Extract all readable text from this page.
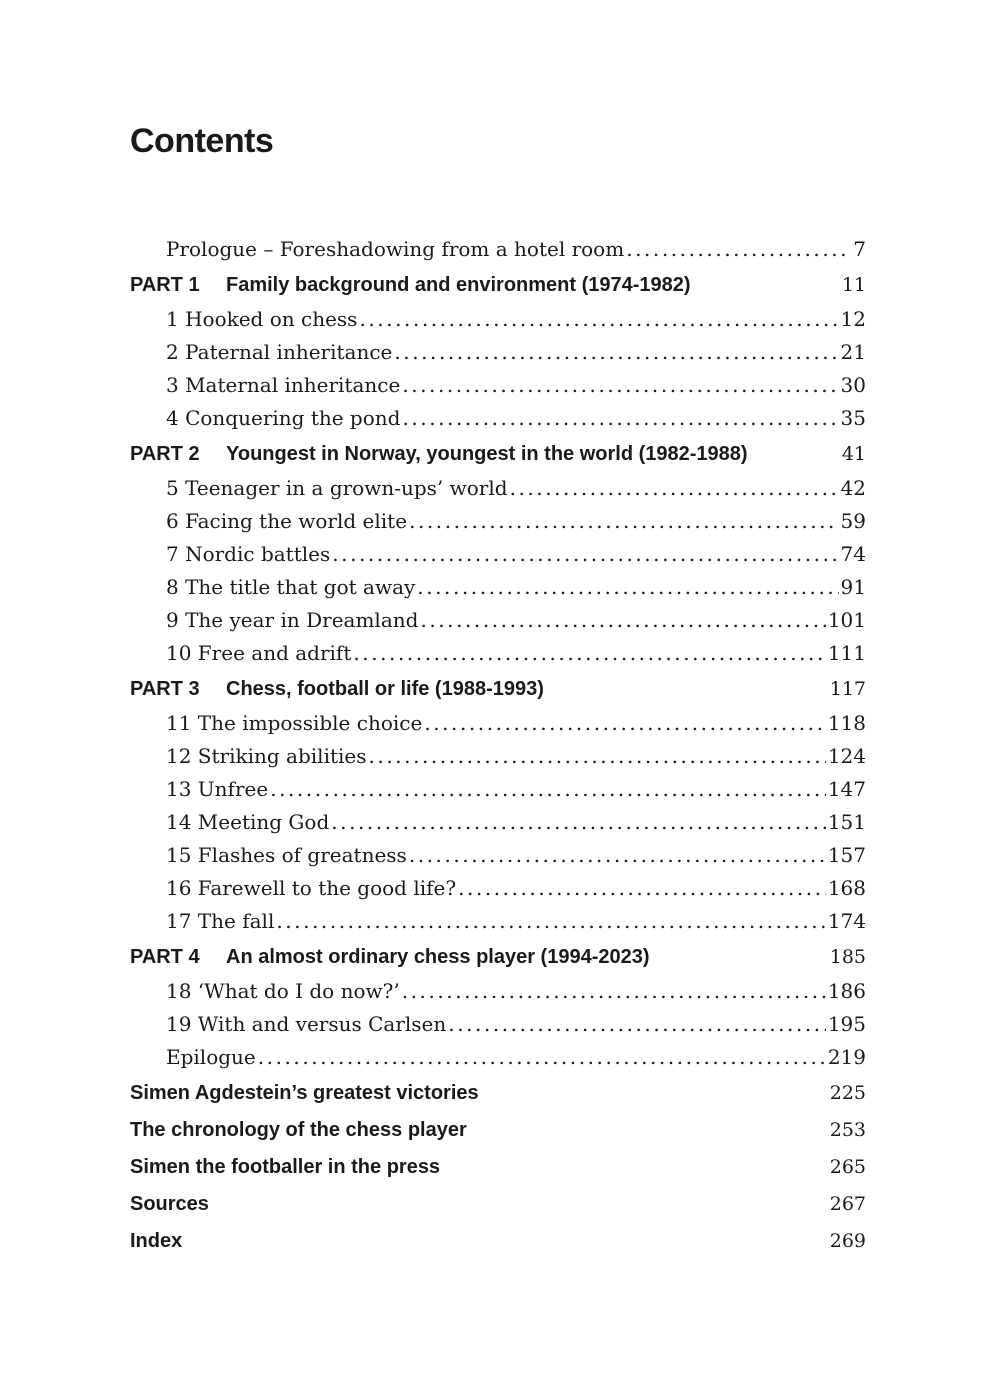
Contents
Prologue – Foreshadowing from a hotel room . . .	7
PART 1	Family background and environment (1974-1982)	11
1 Hooked on chess . . .	12
2 Paternal inheritance . . .	21
3 Maternal inheritance . . .	30
4 Conquering the pond . . .	35
PART 2	Youngest in Norway, youngest in the world (1982-1988)	41
5 Teenager in a grown-ups’ world . . .	42
6 Facing the world elite . . .	59
7 Nordic battles . . .	74
8 The title that got away . . .	91
9 The year in Dreamland . . .	101
10 Free and adrift . . .	111
PART 3	Chess, football or life (1988-1993)	117
11 The impossible choice . . .	118
12 Striking abilities . . .	124
13 Unfree . . .	147
14 Meeting God . . .	151
15 Flashes of greatness . . .	157
16 Farewell to the good life? . . .	168
17 The fall . . .	174
PART 4	An almost ordinary chess player (1994-2023)	185
18 ‘What do I do now?’ . . .	186
19 With and versus Carlsen . . .	195
Epilogue . . .	219
Simen Agdestein’s greatest victories	225
The chronology of the chess player	253
Simen the footballer in the press	265
Sources	267
Index	269
